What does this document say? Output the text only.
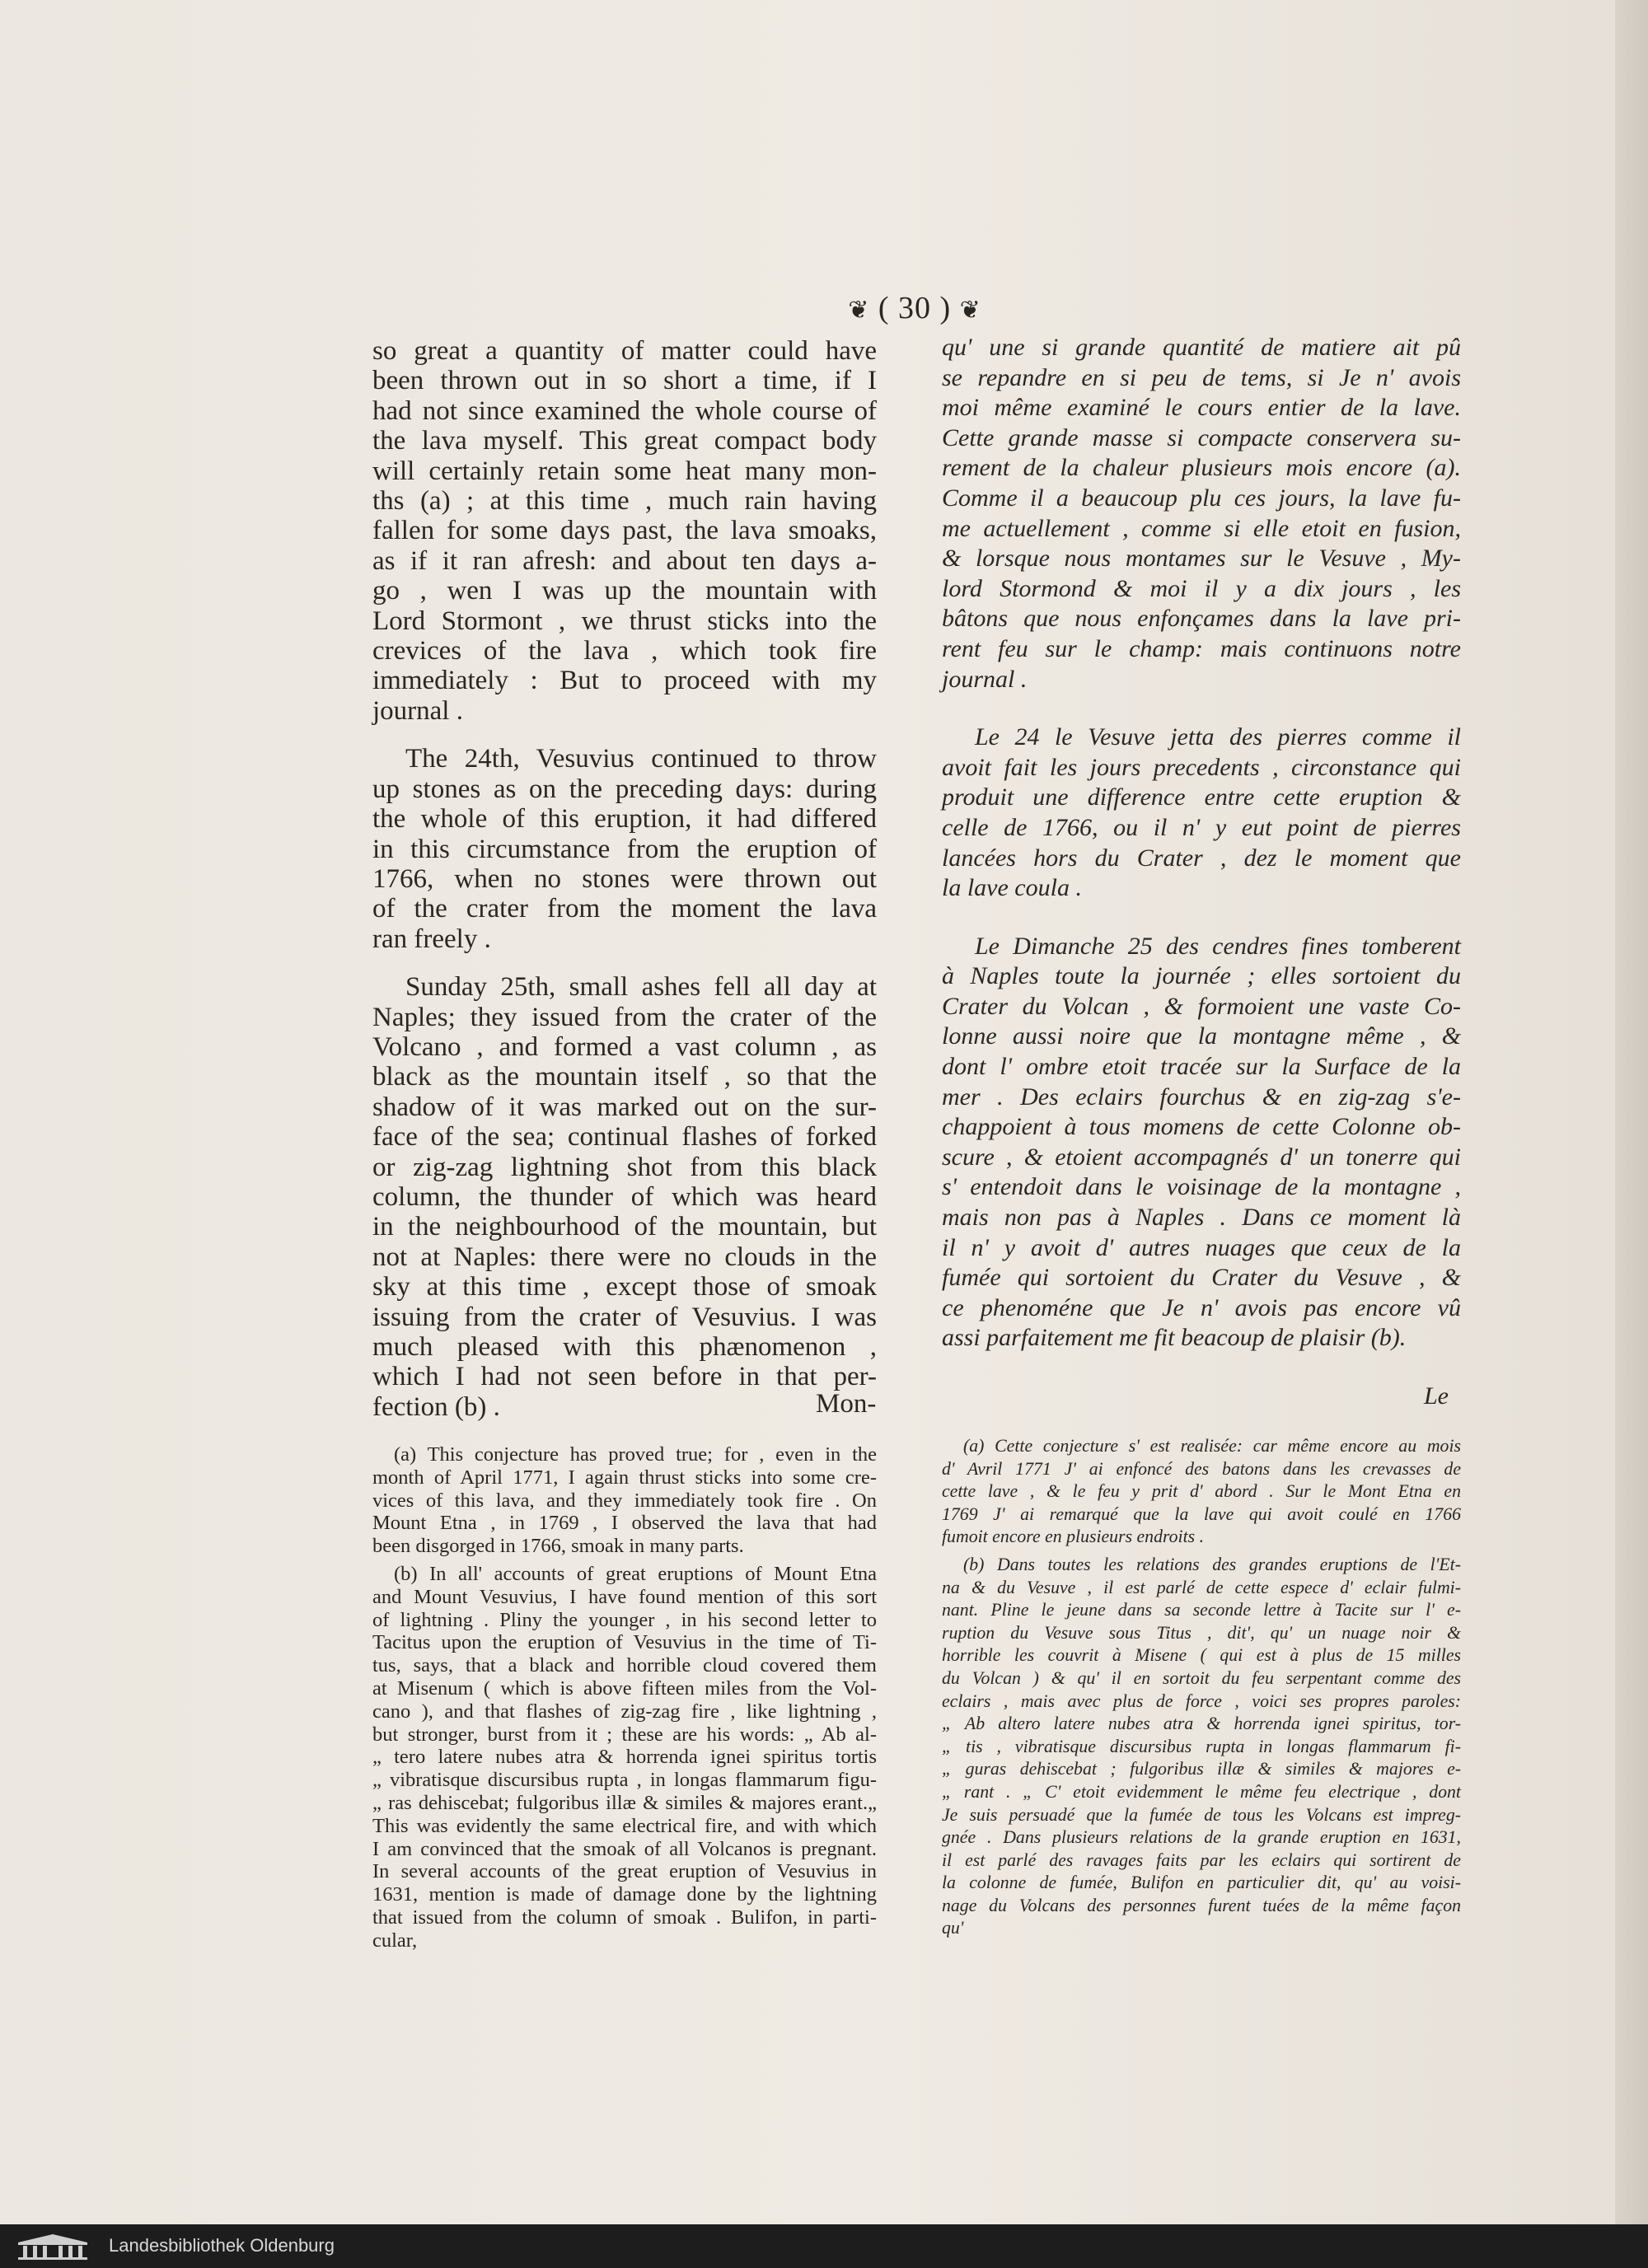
❦ ( 30 ) ❦
so great a quantity of matter could have
been thrown out in so short a time, if I
had not since examined the whole course of
the lava myself. This great compact body
will certainly retain some heat many mon-
ths (a) ; at this time , much rain having
fallen for some days past, the lava smoaks,
as if it ran afresh: and about ten days a-
go , wen I was up the mountain with
Lord Stormont , we thrust sticks into the
crevices of the lava , which took fire
immediately : But to proceed with my
journal .
The 24th, Vesuvius continued to throw
up stones as on the preceding days: during
the whole of this eruption, it had differed
in this circumstance from the eruption of
1766, when no stones were thrown out
of the crater from the moment the lava
ran freely .
Sunday 25th, small ashes fell all day at
Naples; they issued from the crater of the
Volcano , and formed a vast column , as
black as the mountain itself , so that the
shadow of it was marked out on the sur-
face of the sea; continual flashes of forked
or zig-zag lightning shot from this black
column, the thunder of which was heard
in the neighbourhood of the mountain, but
not at Naples: there were no clouds in the
sky at this time , except those of smoak
issuing from the crater of Vesuvius. I was
much pleased with this phænomenon ,
which I had not seen before in that per-
fection (b) .	Mon-
(a) This conjecture has proved true; for , even in the
month of April 1771, I again thrust sticks into some cre-
vices of this lava, and they immediately took fire . On
Mount Etna , in 1769 , I observed the lava that had
been disgorged in 1766, smoak in many parts.
(b) In all' accounts of great eruptions of Mount Etna
and Mount Vesuvius, I have found mention of this sort
of lightning . Pliny the younger , in his second letter to
Tacitus upon the eruption of Vesuvius in the time of Ti-
tus, says, that a black and horrible cloud covered them
at Misenum ( which is above fifteen miles from the Vol-
cano ), and that flashes of zig-zag fire , like lightning ,
but stronger, burst from it ; these are his words: „ Ab al-
„ tero latere nubes atra & horrenda ignei spiritus tortis
„ vibratisque discursibus rupta , in longas flammarum figu-
„ ras dehiscebat; fulgoribus illæ & similes & majores erant.„
This was evidently the same electrical fire, and with which
I am convinced that the smoak of all Volcanos is pregnant.
In several accounts of the great eruption of Vesuvius in
1631, mention is made of damage done by the lightning
that issued from the column of smoak . Bulifon, in parti-
cular,
qu' une si grande quantité de matiere ait pû
se repandre en si peu de tems, si Je n' avois
moi même examiné le cours entier de la lave.
Cette grande masse si compacte conservera su-
rement de la chaleur plusieurs mois encore (a).
Comme il a beaucoup plu ces jours, la lave fu-
me actuellement , comme si elle etoit en fusion,
& lorsque nous montames sur le Vesuve , My-
lord Stormond & moi il y a dix jours , les
bâtons que nous enfonçames dans la lave pri-
rent feu sur le champ: mais continuons notre
journal .
Le 24 le Vesuve jetta des pierres comme il
avoit fait les jours precedents , circonstance qui
produit une difference entre cette eruption &
celle de 1766, ou il n' y eut point de pierres
lancées hors du Crater , dez le moment que
la lave coula .
Le Dimanche 25 des cendres fines tomberent
à Naples toute la journée ; elles sortoient du
Crater du Volcan , & formoient une vaste Co-
lonne aussi noire que la montagne même , &
dont l' ombre etoit tracée sur la Surface de la
mer . Des eclairs fourchus & en zig-zag s'e-
chappoient à tous momens de cette Colonne ob-
scure , & etoient accompagnés d' un tonerre qui
s' entendoit dans le voisinage de la montagne ,
mais non pas à Naples . Dans ce moment là
il n' y avoit d' autres nuages que ceux de la
fumée qui sortoient du Crater du Vesuve , &
ce phenoméne que Je n' avois pas encore vû
assi parfaitement me fit beacoup de plaisir (b).
Le
(a) Cette conjecture s' est realisée: car même encore au mois
d' Avril 1771 J' ai enfoncé des batons dans les crevasses de
cette lave , & le feu y prit d' abord . Sur le Mont Etna en
1769 J' ai remarqué que la lave qui avoit coulé en 1766
fumoit encore en plusieurs endroits .
(b) Dans toutes les relations des grandes eruptions de l'Et-
na & du Vesuve , il est parlé de cette espece d' eclair fulmi-
nant. Pline le jeune dans sa seconde lettre à Tacite sur l' e-
ruption du Vesuve sous Titus , dit', qu' un nuage noir &
horrible les couvrit à Misene ( qui est à plus de 15 milles
du Volcan ) & qu' il en sortoit du feu serpentant comme des
eclairs , mais avec plus de force , voici ses propres paroles:
„ Ab altero latere nubes atra & horrenda ignei spiritus, tor-
„ tis , vibratisque discursibus rupta in longas flammarum fi-
„ guras dehiscebat ; fulgoribus illæ & similes & majores e-
„ rant . „ C' etoit evidemment le même feu electrique , dont
Je suis persuadé que la fumée de tous les Volcans est impreg-
gnée . Dans plusieurs relations de la grande eruption en 1631,
il est parlé des ravages faits par les eclairs qui sortirent de
la colonne de fumée, Bulifon en particulier dit, qu' au voisi-
nage du Volcans des personnes furent tuées de la même façon
qu'
Landesbibliothek Oldenburg
